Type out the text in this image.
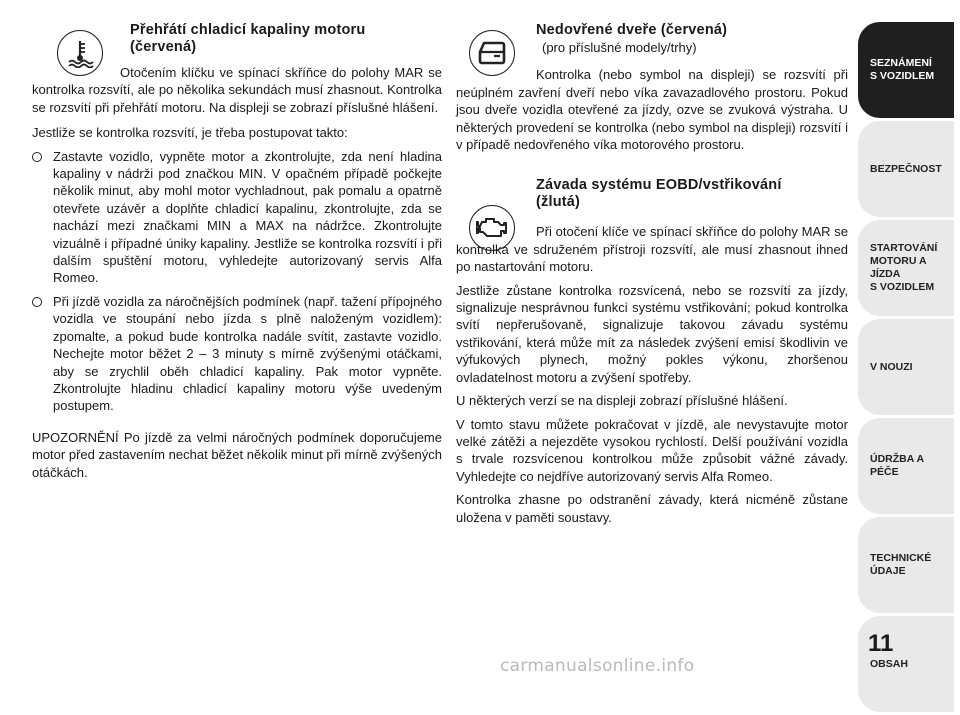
Přehřátí chladicí kapaliny motoru

(červená)

Otočením klíčku ve spínací skříňce do polohy MAR se kontrolka rozsvítí, ale po několika sekundách musí zhasnout. Kontrolka se rozsvítí při přehřátí motoru. Na displeji se zobrazí příslušné hlášení.

Jestliže se kontrolka rozsvítí, je třeba postupovat takto:

Zastavte vozidlo, vypněte motor a zkontrolujte, zda není hladina kapaliny v nádrži pod značkou MIN. V opačném případě počkejte několik minut, aby mohl motor vychladnout, pak pomalu a opatrně otevřete uzávěr a doplňte chladicí kapalinu, zkontrolujte, zda se nachází mezi značkami MIN a MAX na nádržce. Zkontrolujte vizuálně i případné úniky kapaliny. Jestliže se kontrolka rozsvítí i při dalším spuštění motoru, vyhledejte autorizovaný servis Alfa Romeo.
Při jízdě vozidla za náročnějších podmínek (např. tažení přípojného vozidla ve stoupání nebo jízda s plně naloženým vozidlem): zpomalte, a pokud bude kontrolka nadále svítit, zastavte vozidlo. Nechejte motor běžet 2 – 3 minuty s mírně zvýšenými otáčkami, aby se zrychlil oběh chladicí kapaliny. Pak motor vypněte. Zkontrolujte hladinu chladicí kapaliny motoru výše uvedeným postupem.

UPOZORNĚNÍ Po jízdě za velmi náročných podmínek doporučujeme motor před zastavením nechat běžet několik minut při mírně zvýšených otáčkách.

Nedovřené dveře (červená)

(pro příslušné modely/trhy)

Kontrolka (nebo symbol na displeji) se rozsvítí při neúplném zavření dveří nebo víka zavazadlového prostoru. Pokud jsou dveře vozidla otevřené za jízdy, ozve se zvuková výstraha. U některých provedení se kontrolka (nebo symbol na displeji) rozsvítí i v případě nedovřeného víka motorového prostoru.

Závada systému EOBD/vstřikování

(žlutá)

Při otočení klíče ve spínací skříňce do polohy MAR se kontrolka ve sdruženém přístroji rozsvítí, ale musí zhasnout ihned po nastartování motoru.

Jestliže zůstane kontrolka rozsvícená, nebo se rozsvítí za jízdy, signalizuje nesprávnou funkci systému vstřikování; pokud kontrolka svítí nepřerušovaně, signalizuje takovou závadu systému vstřikování, která může mít za následek zvýšení emisí škodlivin ve výfukových plynech, možný pokles výkonu, zhoršenou ovladatelnost motoru a zvýšení spotřeby.

U některých verzí se na displeji zobrazí příslušné hlášení.

V tomto stavu můžete pokračovat v jízdě, ale nevystavujte motor velké zátěži a nejezděte vysokou rychlostí. Delší používání vozidla s trvale rozsvícenou kontrolkou může způsobit vážné závady. Vyhledejte co nejdříve autorizovaný servis Alfa Romeo.

Kontrolka zhasne po odstranění závady, která nicméně zůstane uložena v paměti soustavy.

SEZNÁMENÍ
S VOZIDLEM
BEZPEČNOST
STARTOVÁNÍ
MOTORU A JÍZDA
S VOZIDLEM
V NOUZI
ÚDRŽBA A PÉČE
TECHNICKÉ
ÚDAJE
OBSAH
11
carmanualsonline.info
